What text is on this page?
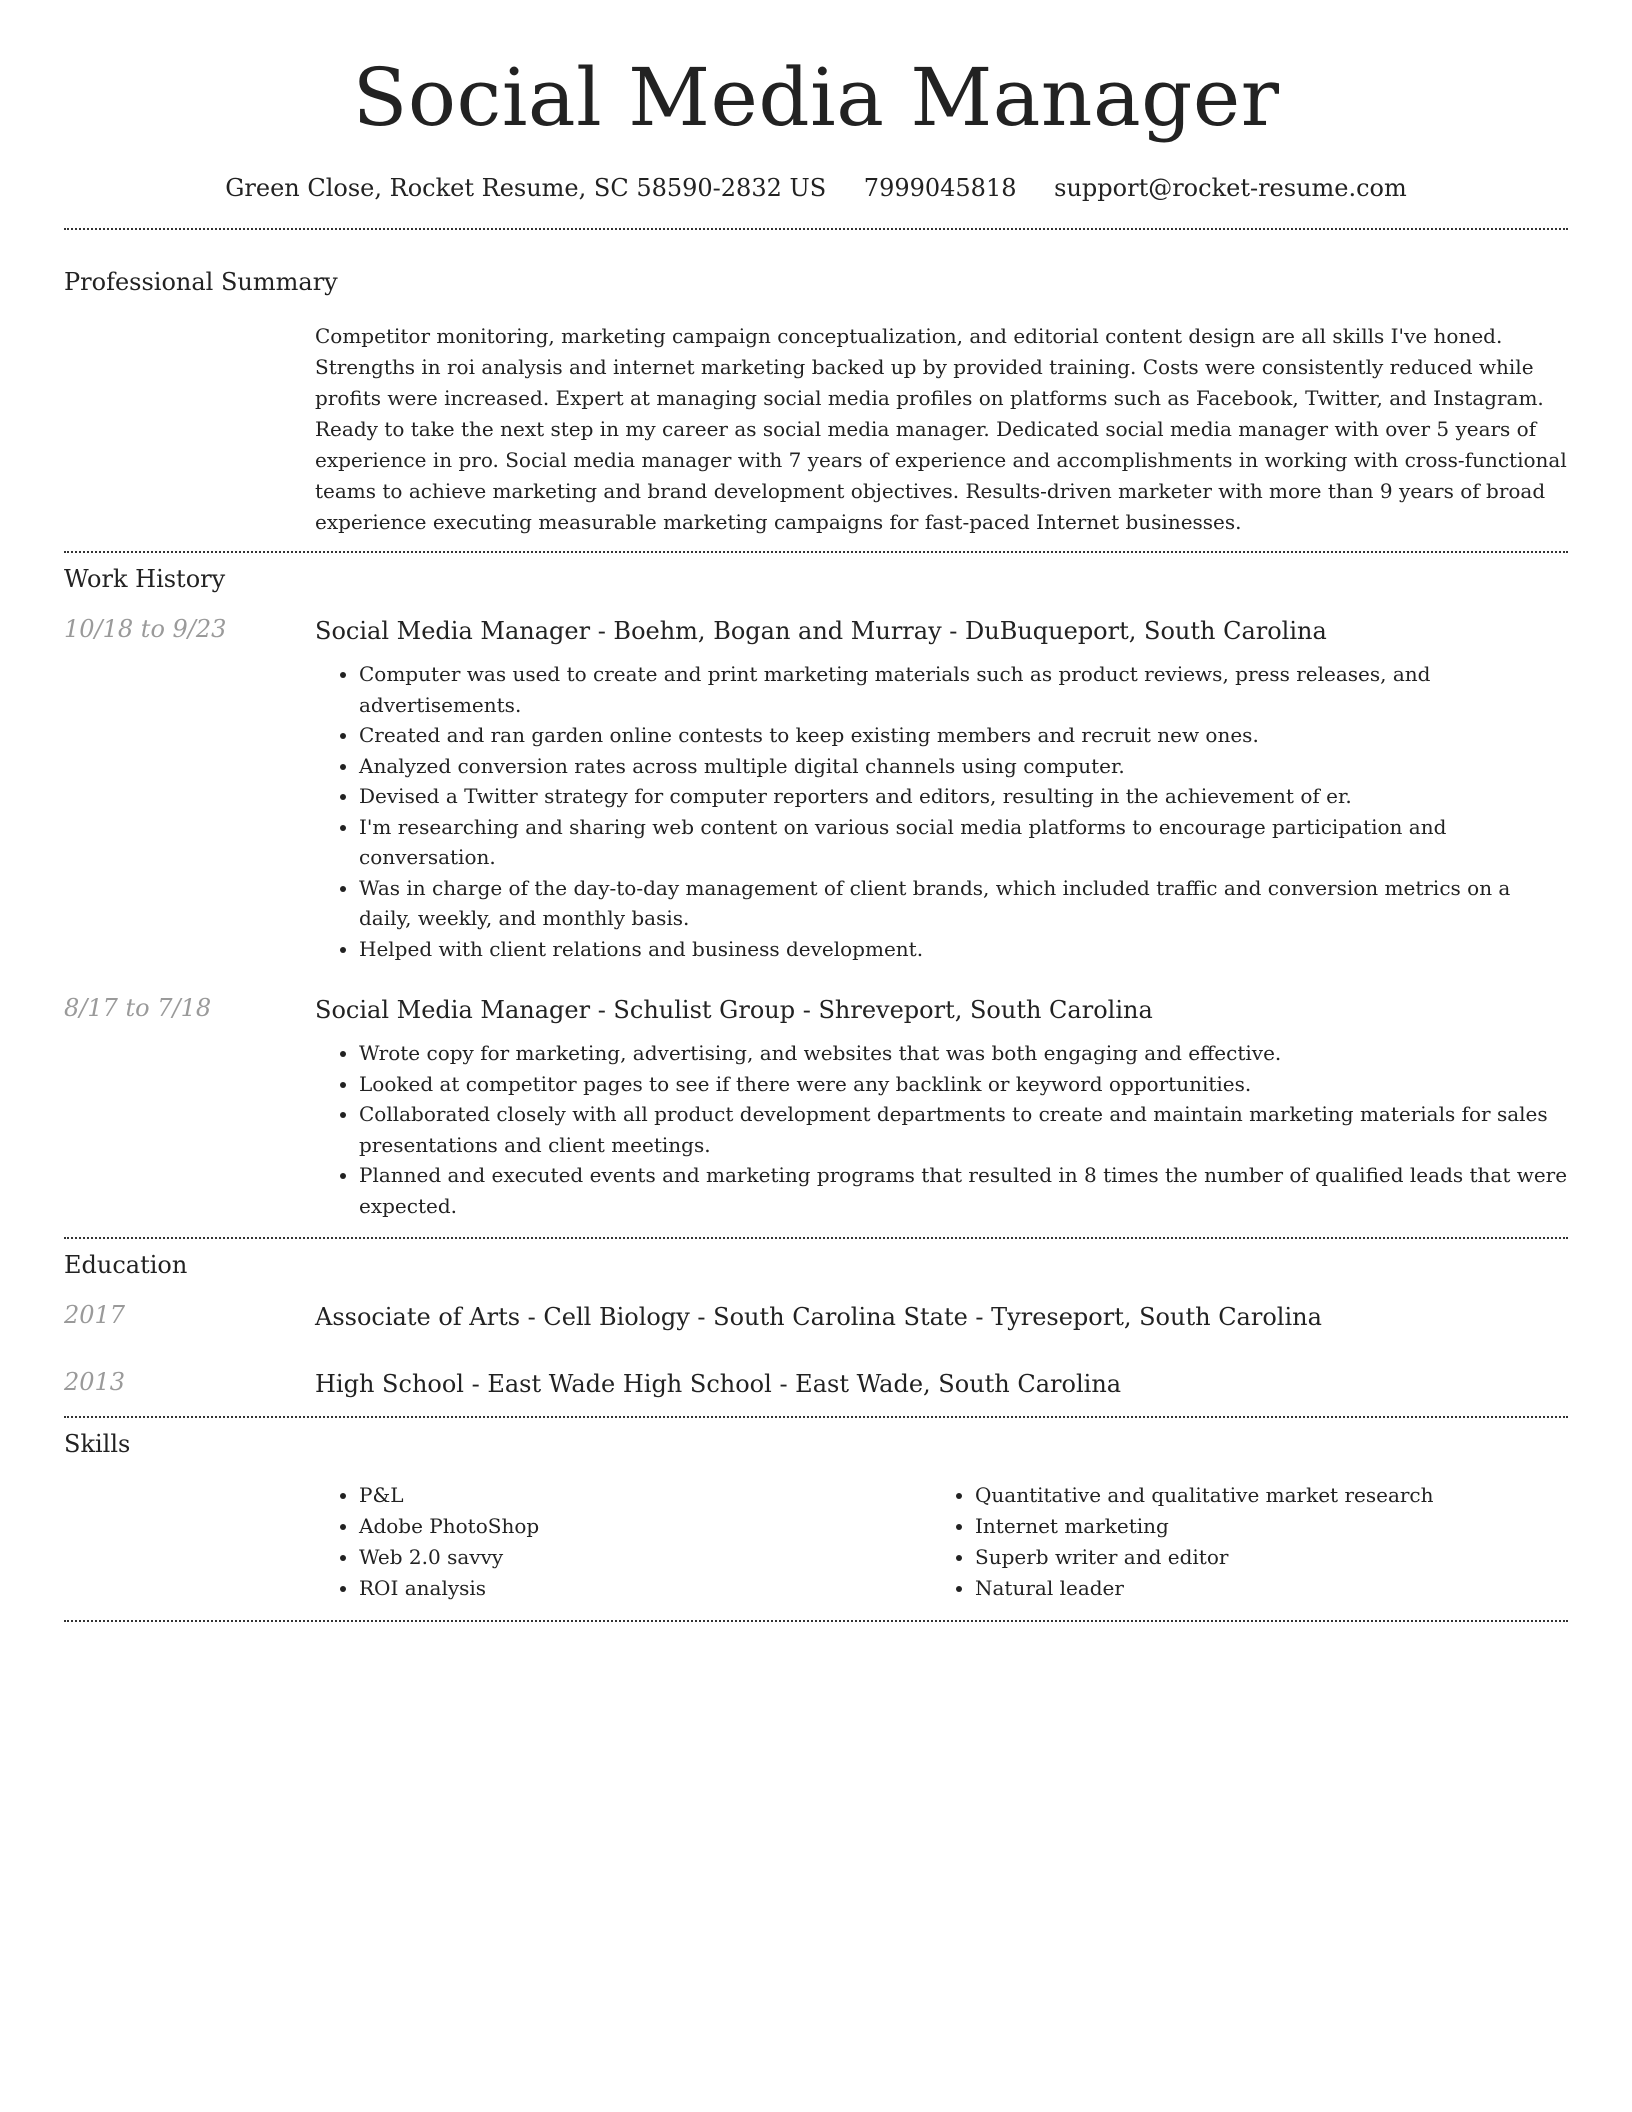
Social Media Manager
Green Close, Rocket Resume, SC 58590-2832 US 7999045818 support@rocket-resume.com
Professional Summary

Competitor monitoring, marketing campaign conceptualization, and editorial content design are all skills I've honed. Strengths in roi analysis and internet marketing backed up by provided training. Costs were consistently reduced while profits were increased. Expert at managing social media profiles on platforms such as Facebook, Twitter, and Instagram. Ready to take the next step in my career as social media manager. Dedicated social media manager with over 5 years of experience in pro. Social media manager with 7 years of experience and accomplishments in working with cross-functional teams to achieve marketing and brand development objectives. Results-driven marketer with more than 9 years of broad experience executing measurable marketing campaigns for fast-paced Internet businesses.

Work History
10/18 to 9/23	Social Media Manager - Boehm, Bogan and Murray - DuBuqueport, South Carolina

• Computer was used to create and print marketing materials such as product reviews, press releases, and advertisements.
• Created and ran garden online contests to keep existing members and recruit new ones.
• Analyzed conversion rates across multiple digital channels using computer.
• Devised a Twitter strategy for computer reporters and editors, resulting in the achievement of er.
• I'm researching and sharing web content on various social media platforms to encourage participation and conversation.
• Was in charge of the day-to-day management of client brands, which included traffic and conversion metrics on a daily, weekly, and monthly basis.
• Helped with client relations and business development.
8/17 to 7/18	Social Media Manager - Schulist Group - Shreveport, South Carolina

• Wrote copy for marketing, advertising, and websites that was both engaging and effective.
• Looked at competitor pages to see if there were any backlink or keyword opportunities.
• Collaborated closely with all product development departments to create and maintain marketing materials for sales presentations and client meetings.
• Planned and executed events and marketing programs that resulted in 8 times the number of qualified leads that were expected.
Education
2017	Associate of Arts - Cell Biology - South Carolina State - Tyreseport, South Carolina

2013	High School - East Wade High School - East Wade, South Carolina

Skills
• P&L
• Adobe PhotoShop
• Web 2.0 savvy
• ROI analysis
• Quantitative and qualitative market research
• Internet marketing
• Superb writer and editor
• Natural leader
